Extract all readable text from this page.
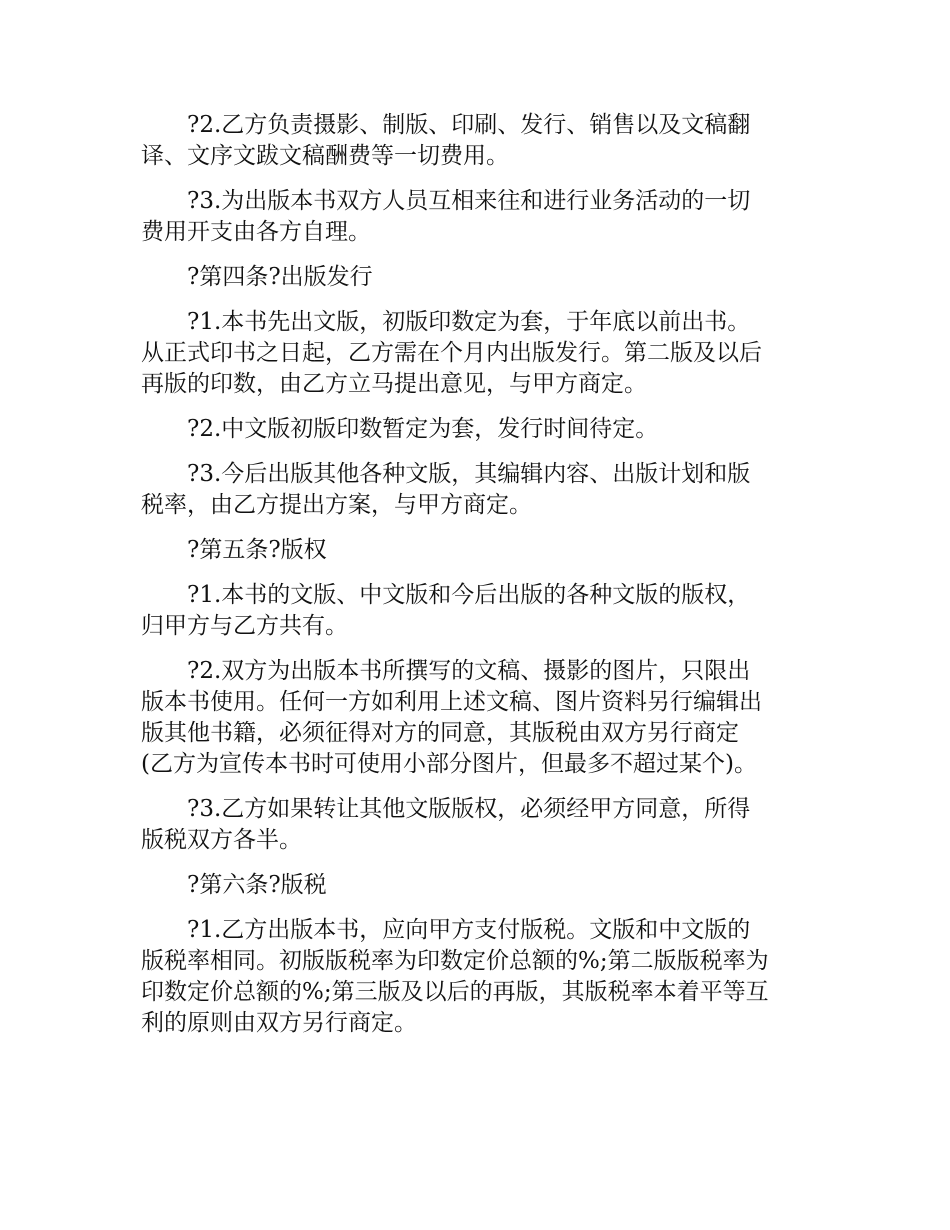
?2.乙方负责摄影、制版、印刷、发行、销售以及文稿翻
译、文序文跋文稿酬费等一切费用。
?3.为出版本书双方人员互相来往和进行业务活动的一切
费用开支由各方自理。
?第四条?出版发行
?1.本书先出文版，初版印数定为套，于年底以前出书。
从正式印书之日起，乙方需在个月内出版发行。第二版及以后
再版的印数，由乙方立马提出意见，与甲方商定。
?2.中文版初版印数暂定为套，发行时间待定。
?3.今后出版其他各种文版，其编辑内容、出版计划和版
税率，由乙方提出方案，与甲方商定。
?第五条?版权
?1.本书的文版、中文版和今后出版的各种文版的版权，
归甲方与乙方共有。
?2.双方为出版本书所撰写的文稿、摄影的图片，只限出
版本书使用。任何一方如利用上述文稿、图片资料另行编辑出
版其他书籍，必须征得对方的同意，其版税由双方另行商定
(乙方为宣传本书时可使用小部分图片，但最多不超过某个)。
?3.乙方如果转让其他文版版权，必须经甲方同意，所得
版税双方各半。
?第六条?版税
?1.乙方出版本书，应向甲方支付版税。文版和中文版的
版税率相同。初版版税率为印数定价总额的%;第二版版税率为
印数定价总额的%;第三版及以后的再版，其版税率本着平等互
利的原则由双方另行商定。
